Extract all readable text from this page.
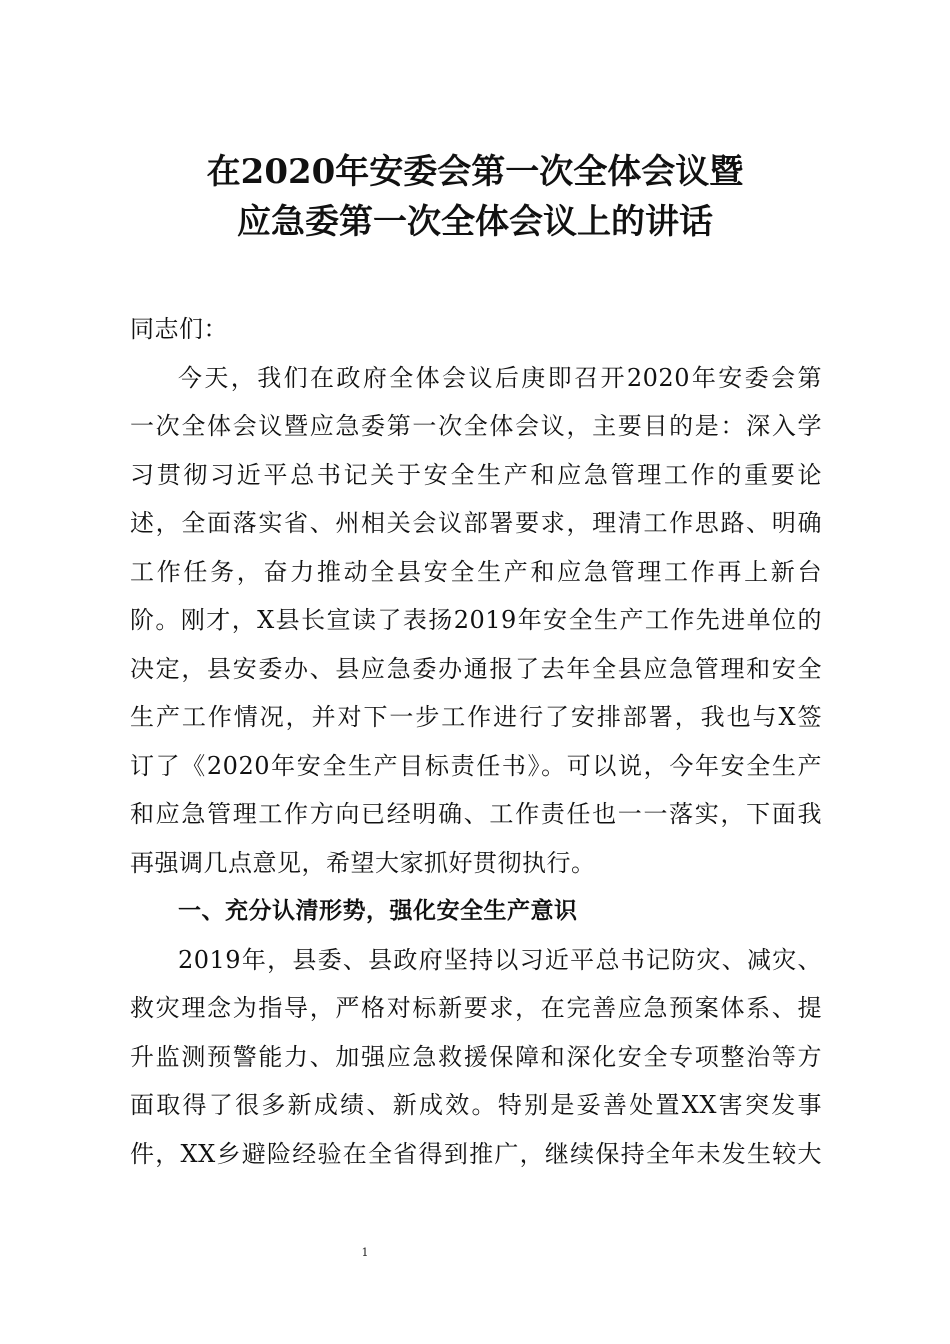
在2020年安委会第一次全体会议暨
应急委第一次全体会议上的讲话
同志们：
今天，我们在政府全体会议后庚即召开2020年安委会第
一次全体会议暨应急委第一次全体会议，主要目的是：深入学
习贯彻习近平总书记关于安全生产和应急管理工作的重要论
述，全面落实省、州相关会议部署要求，理清工作思路、明确
工作任务，奋力推动全县安全生产和应急管理工作再上新台
阶。刚才，X县长宣读了表扬2019年安全生产工作先进单位的
决定，县安委办、县应急委办通报了去年全县应急管理和安全
生产工作情况，并对下一步工作进行了安排部署，我也与X签
订了《2020年安全生产目标责任书》。可以说，今年安全生产
和应急管理工作方向已经明确、工作责任也一一落实，下面我
再强调几点意见，希望大家抓好贯彻执行。
一、充分认清形势，强化安全生产意识
2019年，县委、县政府坚持以习近平总书记防灾、减灾、
救灾理念为指导，严格对标新要求，在完善应急预案体系、提
升监测预警能力、加强应急救援保障和深化安全专项整治等方
面取得了很多新成绩、新成效。特别是妥善处置XX害突发事
件，XX乡避险经验在全省得到推广，继续保持全年未发生较大
1
